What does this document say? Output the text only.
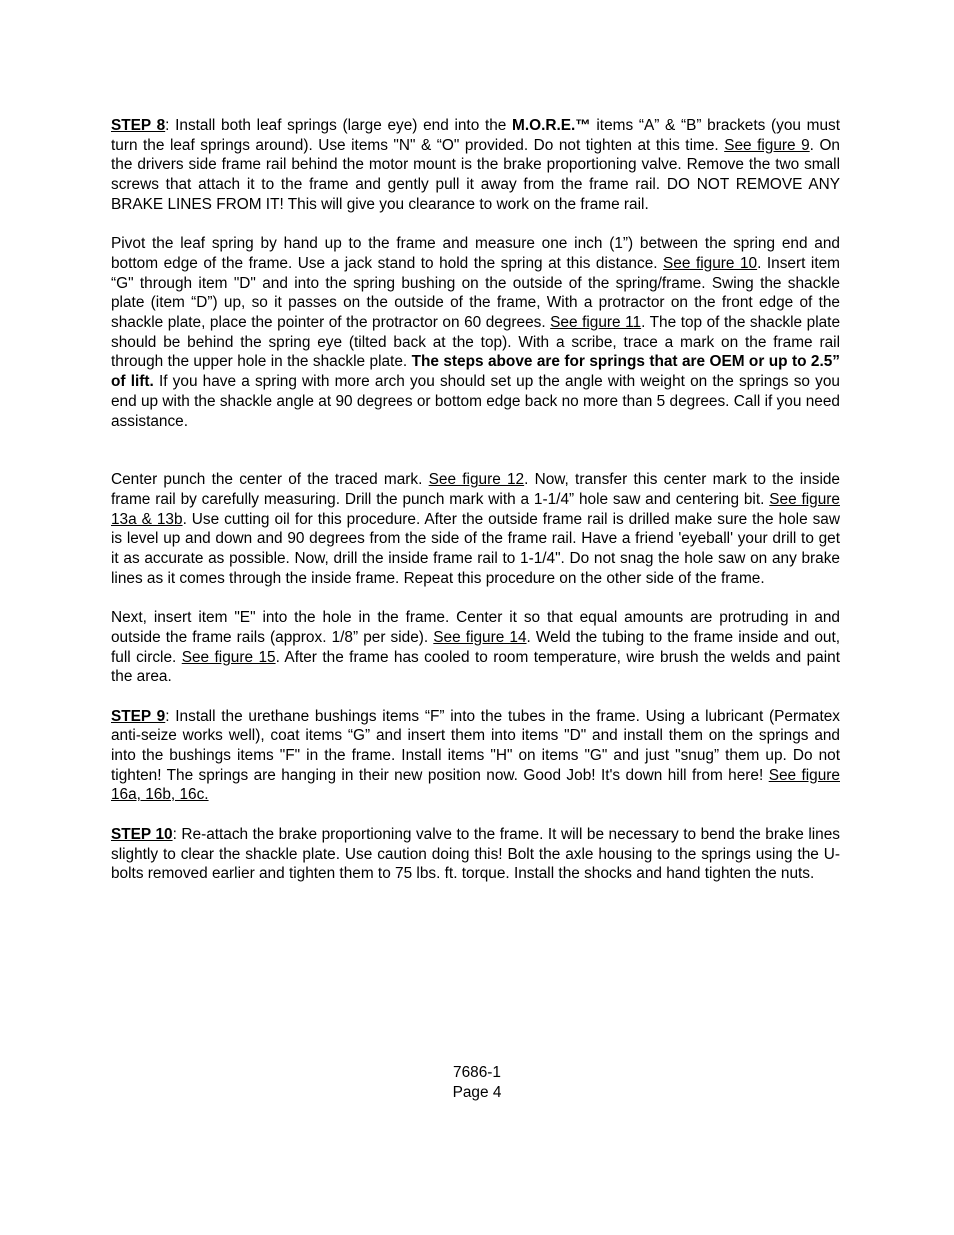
STEP 8: Install both leaf springs (large eye) end into the M.O.R.E.™ items “A” & “B” brackets (you must turn the leaf springs around). Use items "N" & “O" provided. Do not tighten at this time. See figure 9. On the drivers side frame rail behind the motor mount is the brake proportioning valve. Remove the two small screws that attach it to the frame and gently pull it away from the frame rail. DO NOT REMOVE ANY BRAKE LINES FROM IT! This will give you clearance to work on the frame rail.

Pivot the leaf spring by hand up to the frame and measure one inch (1”) between the spring end and bottom edge of the frame. Use a jack stand to hold the spring at this distance. See figure 10. Insert item “G" through item "D" and into the spring bushing on the outside of the spring/frame. Swing the shackle plate (item “D”) up, so it passes on the outside of the frame, With a protractor on the front edge of the shackle plate, place the pointer of the protractor on 60 degrees. See figure 11. The top of the shackle plate should be behind the spring eye (tilted back at the top). With a scribe, trace a mark on the frame rail through the upper hole in the shackle plate. The steps above are for springs that are OEM or up to 2.5” of lift. If you have a spring with more arch you should set up the angle with weight on the springs so you end up with the shackle angle at 90 degrees or bottom edge back no more than 5 degrees. Call if you need assistance.

Center punch the center of the traced mark. See figure 12. Now, transfer this center mark to the inside frame rail by carefully measuring. Drill the punch mark with a 1-1/4” hole saw and centering bit. See figure 13a & 13b. Use cutting oil for this procedure. After the outside frame rail is drilled make sure the hole saw is level up and down and 90 degrees from the side of the frame rail. Have a friend 'eyeball' your drill to get it as accurate as possible. Now, drill the inside frame rail to 1-1/4". Do not snag the hole saw on any brake lines as it comes through the inside frame. Repeat this procedure on the other side of the frame.

Next, insert item "E" into the hole in the frame. Center it so that equal amounts are protruding in and outside the frame rails (approx. 1/8” per side). See figure 14. Weld the tubing to the frame inside and out, full circle. See figure 15. After the frame has cooled to room temperature, wire brush the welds and paint the area.

STEP 9: Install the urethane bushings items “F” into the tubes in the frame. Using a lubricant (Permatex anti-seize works well), coat items “G” and insert them into items "D" and install them on the springs and into the bushings items "F" in the frame. Install items "H" on items "G" and just "snug” them up. Do not tighten! The springs are hanging in their new position now. Good Job! It's down hill from here! See figure 16a, 16b, 16c.

STEP 10: Re-attach the brake proportioning valve to the frame. It will be necessary to bend the brake lines slightly to clear the shackle plate. Use caution doing this! Bolt the axle housing to the springs using the U-bolts removed earlier and tighten them to 75 lbs. ft. torque. Install the shocks and hand tighten the nuts.

7686-1
Page 4
